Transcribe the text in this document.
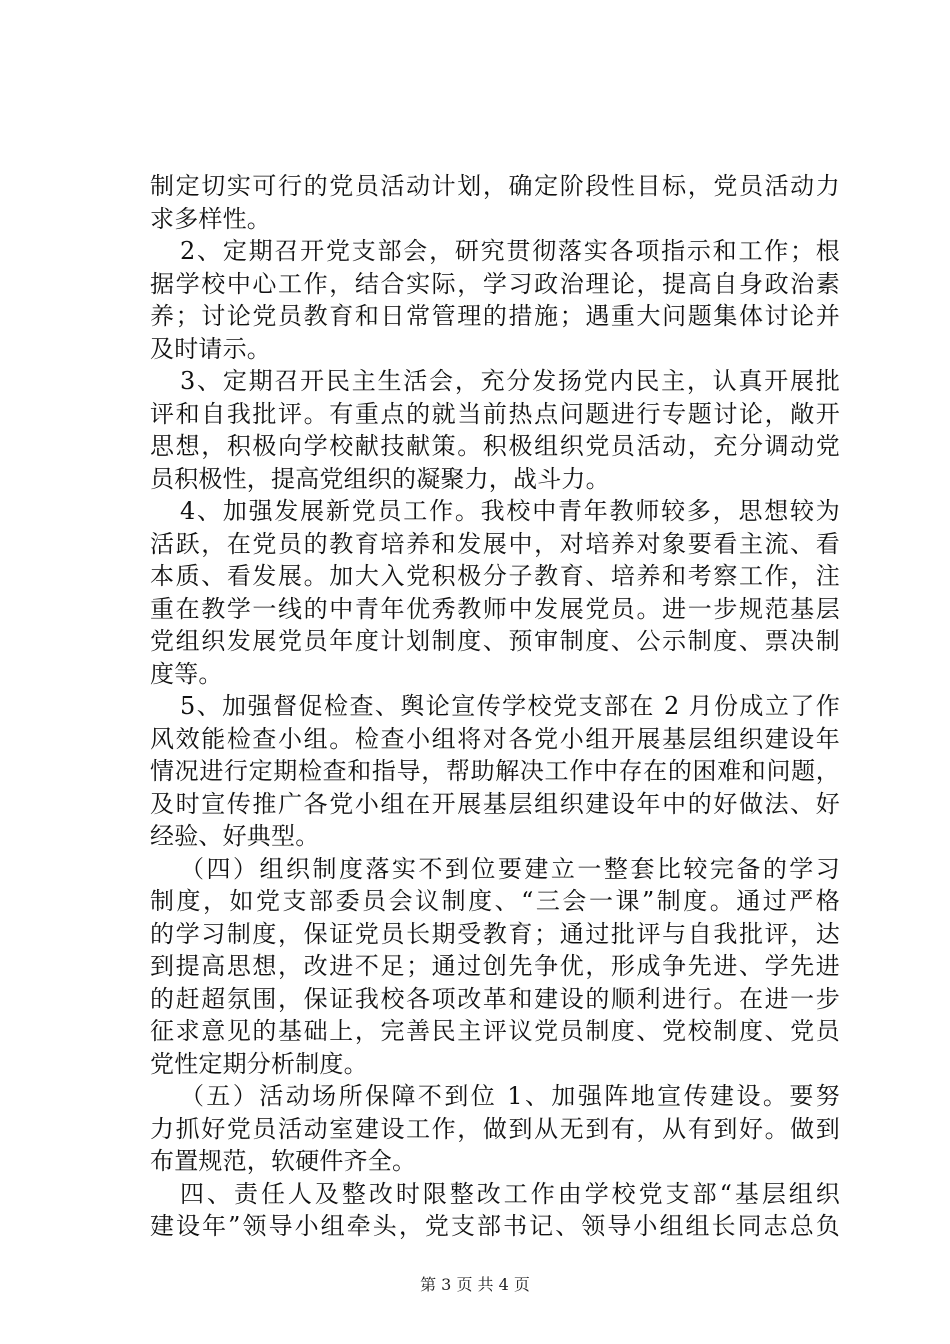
制定切实可行的党员活动计划，确定阶段性目标，党员活动力
求多样性。
2、定期召开党支部会，研究贯彻落实各项指示和工作；根
据学校中心工作，结合实际，学习政治理论，提高自身政治素
养；讨论党员教育和日常管理的措施；遇重大问题集体讨论并
及时请示。
3、定期召开民主生活会，充分发扬党内民主，认真开展批
评和自我批评。有重点的就当前热点问题进行专题讨论，敞开
思想，积极向学校献技献策。积极组织党员活动，充分调动党
员积极性，提高党组织的凝聚力，战斗力。
4、加强发展新党员工作。我校中青年教师较多，思想较为
活跃，在党员的教育培养和发展中，对培养对象要看主流、看
本质、看发展。加大入党积极分子教育、培养和考察工作，注
重在教学一线的中青年优秀教师中发展党员。进一步规范基层
党组织发展党员年度计划制度、预审制度、公示制度、票决制
度等。
5、加强督促检查、舆论宣传学校党支部在 2 月份成立了作
风效能检查小组。检查小组将对各党小组开展基层组织建设年
情况进行定期检查和指导，帮助解决工作中存在的困难和问题，
及时宣传推广各党小组在开展基层组织建设年中的好做法、好
经验、好典型。
（四）组织制度落实不到位要建立一整套比较完备的学习
制度，如党支部委员会议制度、“三会一课”制度。通过严格
的学习制度，保证党员长期受教育；通过批评与自我批评，达
到提高思想，改进不足；通过创先争优，形成争先进、学先进
的赶超氛围，保证我校各项改革和建设的顺利进行。在进一步
征求意见的基础上，完善民主评议党员制度、党校制度、党员
党性定期分析制度。
（五）活动场所保障不到位 1、加强阵地宣传建设。要努
力抓好党员活动室建设工作，做到从无到有，从有到好。做到
布置规范，软硬件齐全。
四、责任人及整改时限整改工作由学校党支部“基层组织
建设年”领导小组牵头，党支部书记、领导小组组长同志总负
第 3 页 共 4 页
